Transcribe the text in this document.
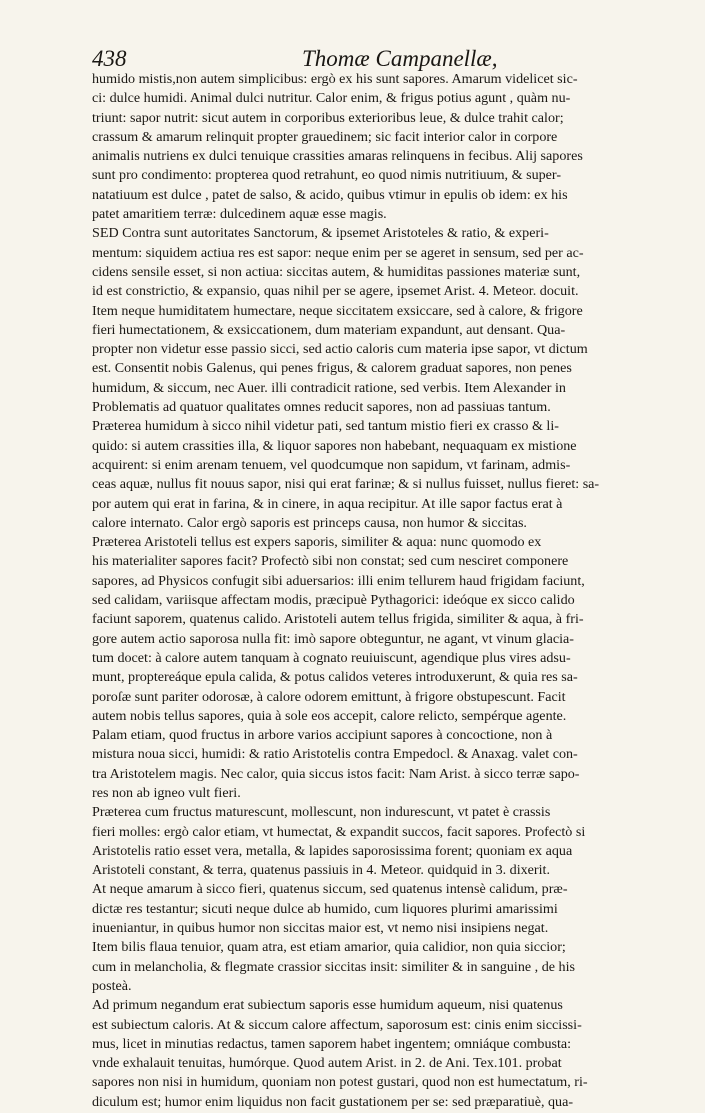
438	Thomæ Campanellæ,
humido mistis,non autem simplicibus: ergò ex his sunt sapores. Amarum videlicet sic-
ci: dulce humidi. Animal dulci nutritur. Calor enim, & frigus potius agunt , quàm nu-
triunt: sapor nutrit: sicut autem in corporibus exterioribus leue, & dulce trahit calor;
crassum & amarum relinquit propter grauedinem; sic facit interior calor in corpore
animalis nutriens ex dulci tenuique crassities amaras relinquens in fecibus. Alij sapores
sunt pro condimento: propterea quod retrahunt, eo quod nimis nutritiuum, & super-
natatiuum est dulce , patet de salso, & acido, quibus vtimur in epulis ob idem: ex his
patet amaritiem terræ: dulcedinem aquæ esse magis.
SED Contra sunt autoritates Sanctorum, & ipsemet Aristoteles & ratio, & experi-
mentum: siquidem actiua res est sapor: neque enim per se ageret in sensum, sed per ac-
cidens sensile esset, si non actiua: siccitas autem, & humiditas passiones materiæ sunt,
id est constrictio, & expansio, quas nihil per se agere, ipsemet Arist. 4. Meteor. docuit.
Item neque humiditatem humectare, neque siccitatem exsiccare, sed à calore, & frigore
fieri humectationem, & exsiccationem, dum materiam expandunt, aut densant. Qua-
propter non videtur esse passio sicci, sed actio caloris cum materia ipse sapor, vt dictum
est. Consentit nobis Galenus, qui penes frigus, & calorem graduat sapores, non penes
humidum, & siccum, nec Auer. illi contradicit ratione, sed verbis. Item Alexander in
Problematis ad quatuor qualitates omnes reducit sapores, non ad passiuas tantum.
Præterea humidum à sicco nihil videtur pati, sed tantum mistio fieri ex crasso & li-
quido: si autem crassities illa, & liquor sapores non habebant, nequaquam ex mistione
acquirent: si enim arenam tenuem, vel quodcumque non sapidum, vt farinam, admis-
ceas aquæ, nullus fit nouus sapor, nisi qui erat farinæ; & si nullus fuisset, nullus fieret: sa-
por autem qui erat in farina, & in cinere, in aqua recipitur. At ille sapor factus erat à
calore internato. Calor ergò saporis est princeps causa, non humor & siccitas.
Præterea Aristoteli tellus est expers saporis, similiter & aqua: nunc quomodo ex
his materialiter sapores facit? Profectò sibi non constat; sed cum nesciret componere
sapores, ad Physicos confugit sibi aduersarios: illi enim tellurem haud frigidam faciunt,
sed calidam, variisque affectam modis, præcipuè Pythagorici: ideóque ex sicco calido
faciunt saporem, quatenus calido. Aristoteli autem tellus frigida, similiter & aqua, à fri-
gore autem actio saporosa nulla fit: imò sapore obteguntur, ne agant, vt vinum glacia-
tum docet: à calore autem tanquam à cognato reuiuiscunt, agendique plus vires adsu-
munt, proptereáque epula calida, & potus calidos veteres introduxerunt, & quia res sa-
poroſæ sunt pariter odorosæ, à calore odorem emittunt, à frigore obstupescunt. Facit
autem nobis tellus sapores, quia à sole eos accepit, calore relicto, sempérque agente.
Palam etiam, quod fructus in arbore varios accipiunt sapores à concoctione, non à
mistura noua sicci, humidi: & ratio Aristotelis contra Empedocl. & Anaxag. valet con-
tra Aristotelem magis. Nec calor, quia siccus istos facit: Nam Arist. à sicco terræ sapo-
res non ab igneo vult fieri.
Præterea cum fructus maturescunt, mollescunt, non indurescunt, vt patet è crassis
fieri molles: ergò calor etiam, vt humectat, & expandit succos, facit sapores. Profectò si
Aristotelis ratio esset vera, metalla, & lapides saporosissima forent; quoniam ex aqua
Aristoteli constant, & terra, quatenus passiuis in 4. Meteor. quidquid in 3. dixerit.
At neque amarum à sicco fieri, quatenus siccum, sed quatenus intensè calidum, præ-
dictæ res testantur; sicuti neque dulce ab humido, cum liquores plurimi amarissimi
inueniantur, in quibus humor non siccitas maior est, vt nemo nisi insipiens negat.
Item bilis flaua tenuior, quam atra, est etiam amarior, quia calidior, non quia siccior;
cum in melancholia, & flegmate crassior siccitas insit: similiter & in sanguine , de his
posteà.
Ad primum negandum erat subiectum saporis esse humidum aqueum, nisi quatenus
est subiectum caloris. At & siccum calore affectum, saporosum est: cinis enim siccissi-
mus, licet in minutias redactus, tamen saporem habet ingentem; omniáque combusta:
vnde exhalauit tenuitas, humórque. Quod autem Arist. in 2. de Ani. Tex.101. probat
sapores non nisi in humidum, quoniam non potest gustari, quod non est humectatum, ri-
diculum est; humor enim liquidus non facit gustationem per se: sed præparatiuè, qua-
